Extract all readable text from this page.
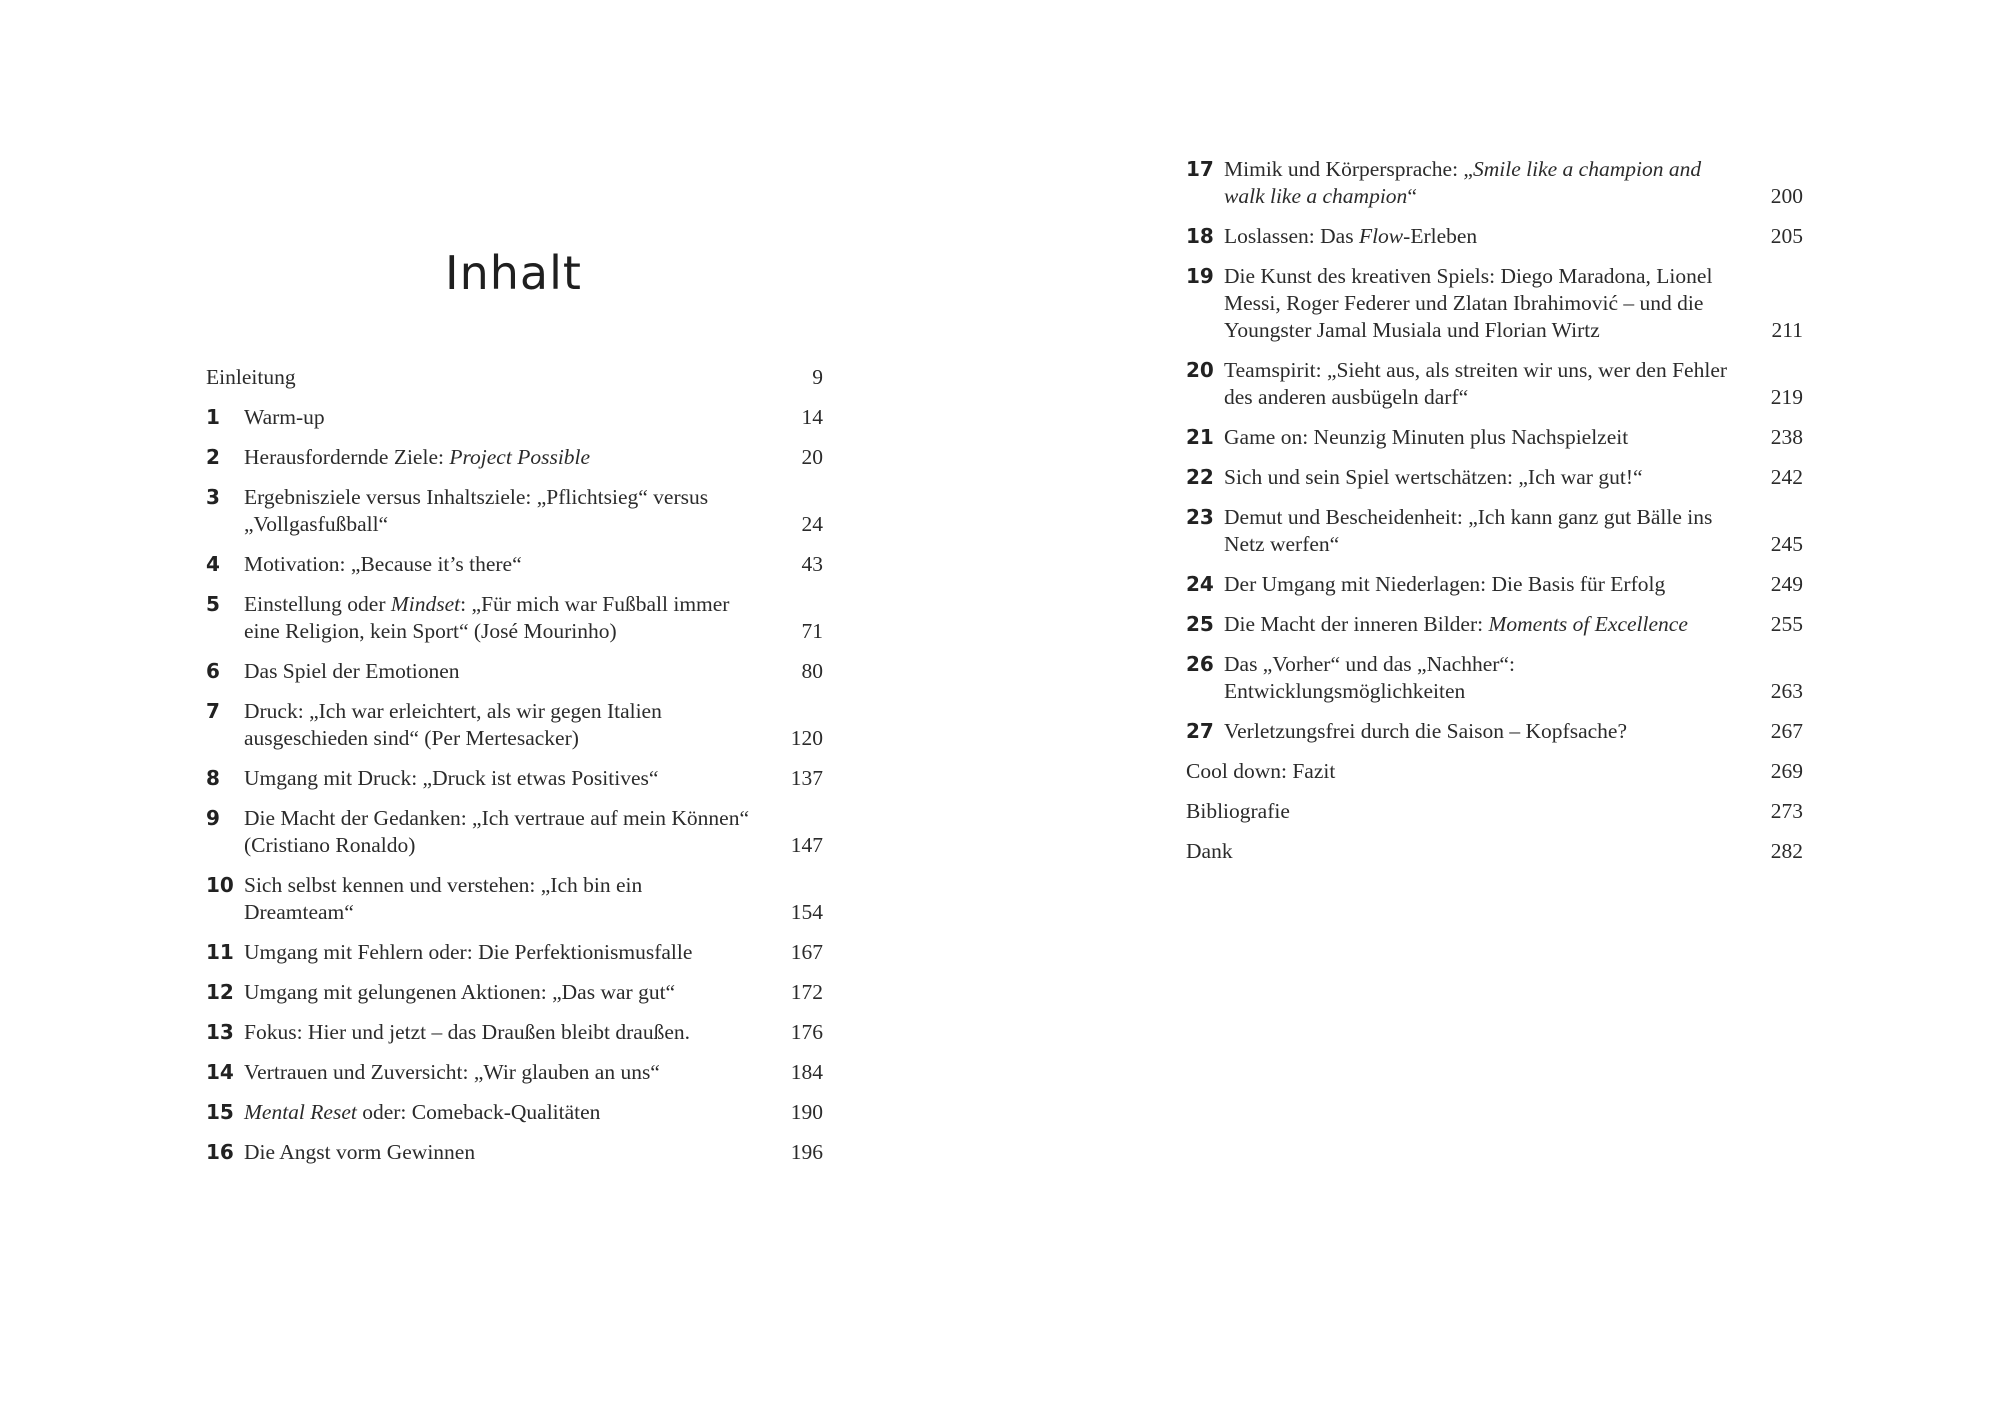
Inhalt
Einleitung	9
1	Warm-up	14
2	Herausfordernde Ziele: Project Possible	20
3	Ergebnisziele versus Inhaltsziele: „Pflichtsieg“ versus „Vollgasfußball“	24
4	Motivation: „Because it’s there“	43
5	Einstellung oder Mindset: „Für mich war Fußball immer eine Religion, kein Sport“ (José Mourinho)	71
6	Das Spiel der Emotionen	80
7	Druck: „Ich war erleichtert, als wir gegen Italien ausgeschieden sind“ (Per Mertesacker)	120
8	Umgang mit Druck: „Druck ist etwas Positives“	137
9	Die Macht der Gedanken: „Ich vertraue auf mein Können“ (Cristiano Ronaldo)	147
10 Sich selbst kennen und verstehen: „Ich bin ein Dreamteam“	154
11 Umgang mit Fehlern oder: Die Perfektionismusfalle	167
12 Umgang mit gelungenen Aktionen: „Das war gut“	172
13 Fokus: Hier und jetzt – das Draußen bleibt draußen.	176
14 Vertrauen und Zuversicht: „Wir glauben an uns“	184
15 Mental Reset oder: Comeback-Qualitäten	190
16 Die Angst vorm Gewinnen	196
17 Mimik und Körpersprache: „Smile like a champion and walk like a champion“	200
18 Loslassen: Das Flow-Erleben	205
19 Die Kunst des kreativen Spiels: Diego Maradona, Lionel Messi, Roger Federer und Zlatan Ibrahimović – und die Youngster Jamal Musiala und Florian Wirtz	211
20 Teamspirit: „Sieht aus, als streiten wir uns, wer den Fehler des anderen ausbügeln darf“	219
21 Game on: Neunzig Minuten plus Nachspielzeit	238
22 Sich und sein Spiel wertschätzen: „Ich war gut!“	242
23 Demut und Bescheidenheit: „Ich kann ganz gut Bälle ins Netz werfen“	245
24 Der Umgang mit Niederlagen: Die Basis für Erfolg	249
25 Die Macht der inneren Bilder: Moments of Excellence	255
26 Das „Vorher“ und das „Nachher“: Entwicklungsmöglichkeiten	263
27 Verletzungsfrei durch die Saison – Kopfsache?	267
Cool down: Fazit	269
Bibliografie	273
Dank	282
